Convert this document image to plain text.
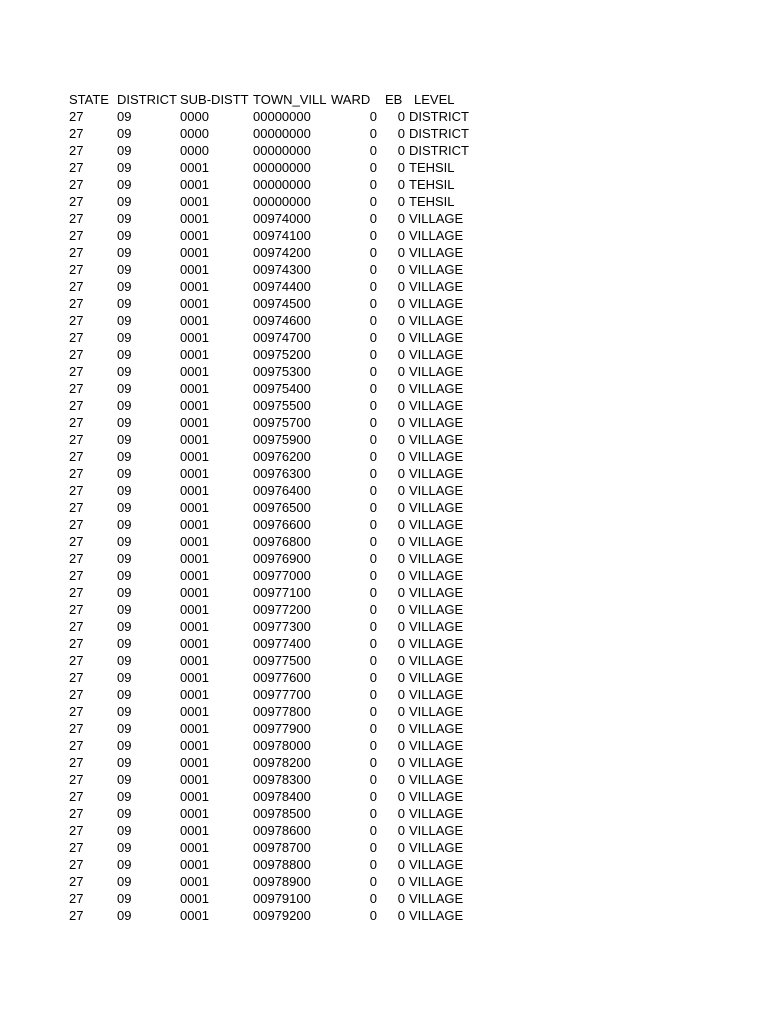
STATE	DISTRICT	SUB-DISTT	TOWN_VILL	WARD	EB	LEVEL
27	09	0000	00000000	0	0	DISTRICT
27	09	0000	00000000	0	0	DISTRICT
27	09	0000	00000000	0	0	DISTRICT
27	09	0001	00000000	0	0	TEHSIL
27	09	0001	00000000	0	0	TEHSIL
27	09	0001	00000000	0	0	TEHSIL
27	09	0001	00974000	0	0	VILLAGE
27	09	0001	00974100	0	0	VILLAGE
27	09	0001	00974200	0	0	VILLAGE
27	09	0001	00974300	0	0	VILLAGE
27	09	0001	00974400	0	0	VILLAGE
27	09	0001	00974500	0	0	VILLAGE
27	09	0001	00974600	0	0	VILLAGE
27	09	0001	00974700	0	0	VILLAGE
27	09	0001	00975200	0	0	VILLAGE
27	09	0001	00975300	0	0	VILLAGE
27	09	0001	00975400	0	0	VILLAGE
27	09	0001	00975500	0	0	VILLAGE
27	09	0001	00975700	0	0	VILLAGE
27	09	0001	00975900	0	0	VILLAGE
27	09	0001	00976200	0	0	VILLAGE
27	09	0001	00976300	0	0	VILLAGE
27	09	0001	00976400	0	0	VILLAGE
27	09	0001	00976500	0	0	VILLAGE
27	09	0001	00976600	0	0	VILLAGE
27	09	0001	00976800	0	0	VILLAGE
27	09	0001	00976900	0	0	VILLAGE
27	09	0001	00977000	0	0	VILLAGE
27	09	0001	00977100	0	0	VILLAGE
27	09	0001	00977200	0	0	VILLAGE
27	09	0001	00977300	0	0	VILLAGE
27	09	0001	00977400	0	0	VILLAGE
27	09	0001	00977500	0	0	VILLAGE
27	09	0001	00977600	0	0	VILLAGE
27	09	0001	00977700	0	0	VILLAGE
27	09	0001	00977800	0	0	VILLAGE
27	09	0001	00977900	0	0	VILLAGE
27	09	0001	00978000	0	0	VILLAGE
27	09	0001	00978200	0	0	VILLAGE
27	09	0001	00978300	0	0	VILLAGE
27	09	0001	00978400	0	0	VILLAGE
27	09	0001	00978500	0	0	VILLAGE
27	09	0001	00978600	0	0	VILLAGE
27	09	0001	00978700	0	0	VILLAGE
27	09	0001	00978800	0	0	VILLAGE
27	09	0001	00978900	0	0	VILLAGE
27	09	0001	00979100	0	0	VILLAGE
27	09	0001	00979200	0	0	VILLAGE
